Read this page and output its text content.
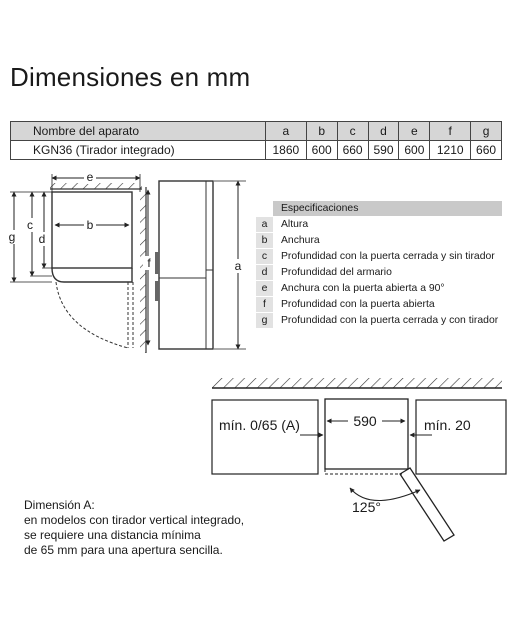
Dimensiones en mm
Nombre del aparato	a	b	c	d	e	f	g
KGN36 (Tirador integrado)	1860	600	660	590	600	1210	660
e
b
g
c
d
f	a
590
mín. 0/65 (A)	mín. 20
125°
	Especificaciones
a	Altura
b	Anchura
c	Profundidad con la puerta cerrada y sin tirador
d	Profundidad del armario
e	Anchura con la puerta abierta a 90°
f	Profundidad con la puerta abierta
g	Profundidad con la puerta cerrada y con tirador
Dimensión A:
en modelos con tirador vertical integrado,
se requiere una distancia mínima
de 65 mm para una apertura sencilla.
